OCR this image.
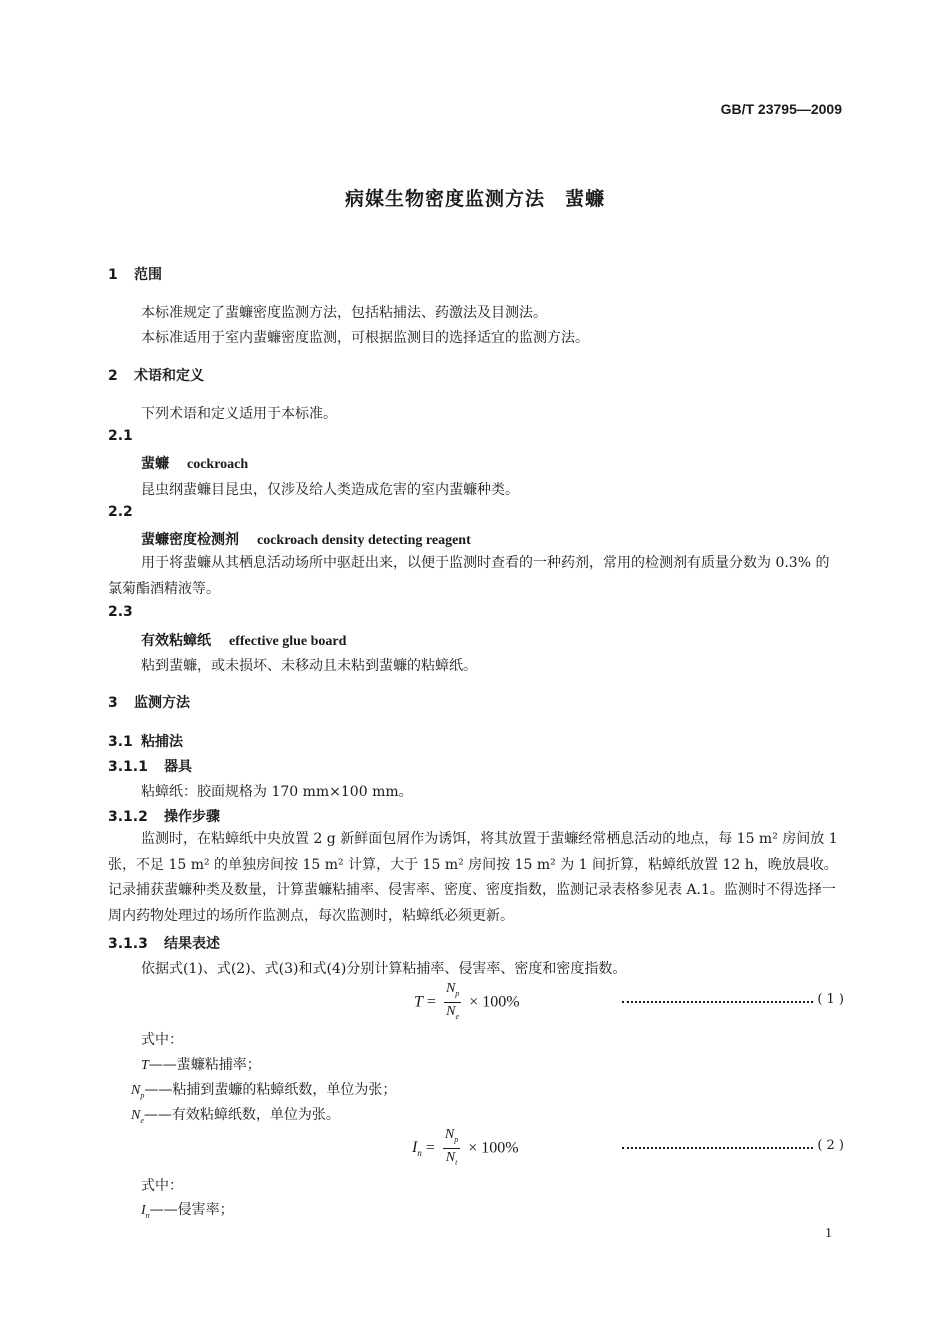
GB/T 23795—2009
病媒生物密度监测方法　蜚蠊
1 范围
本标准规定了蜚蠊密度监测方法，包括粘捕法、药激法及目测法。
本标准适用于室内蜚蠊密度监测，可根据监测目的选择适宜的监测方法。
2 术语和定义
下列术语和定义适用于本标准。
2.1
蜚蠊 cockroach
昆虫纲蜚蠊目昆虫，仅涉及给人类造成危害的室内蜚蠊种类。
2.2
蜚蠊密度检测剂 cockroach density detecting reagent
用于将蜚蠊从其栖息活动场所中驱赶出来，以便于监测时查看的一种药剂，常用的检测剂有质量分数为 0.3% 的氯菊酯酒精液等。
2.3
有效粘蟑纸 effective glue board
粘到蜚蠊，或未损坏、未移动且未粘到蜚蠊的粘蟑纸。
3 监测方法
3.1 粘捕法
3.1.1 器具
粘蟑纸：胶面规格为 170 mm×100 mm。
3.1.2 操作步骤
监测时，在粘蟑纸中央放置 2 g 新鲜面包屑作为诱饵，将其放置于蜚蠊经常栖息活动的地点，每 15 m² 房间放 1 张，不足 15 m² 的单独房间按 15 m² 计算，大于 15 m² 房间按 15 m² 为 1 间折算，粘蟑纸放置 12 h，晚放晨收。记录捕获蜚蠊种类及数量，计算蜚蠊粘捕率、侵害率、密度、密度指数，监测记录表格参见表 A.1。监测时不得选择一周内药物处理过的场所作监测点，每次监测时，粘蟑纸必须更新。
3.1.3 结果表述
依据式(1)、式(2)、式(3)和式(4)分别计算粘捕率、侵害率、密度和密度指数。
$T = \frac{N_p}{N_e} \times 100\%$	( 1 )
式中：
T——蜚蠊粘捕率；
$N_p——$粘捕到蜚蠊的粘蟑纸数，单位为张；
$N_e——$有效粘蟑纸数，单位为张。
$I_n = \frac{N_p}{N_t} \times 100\%$	( 2 )
式中：
$I_n——$侵害率；
1
